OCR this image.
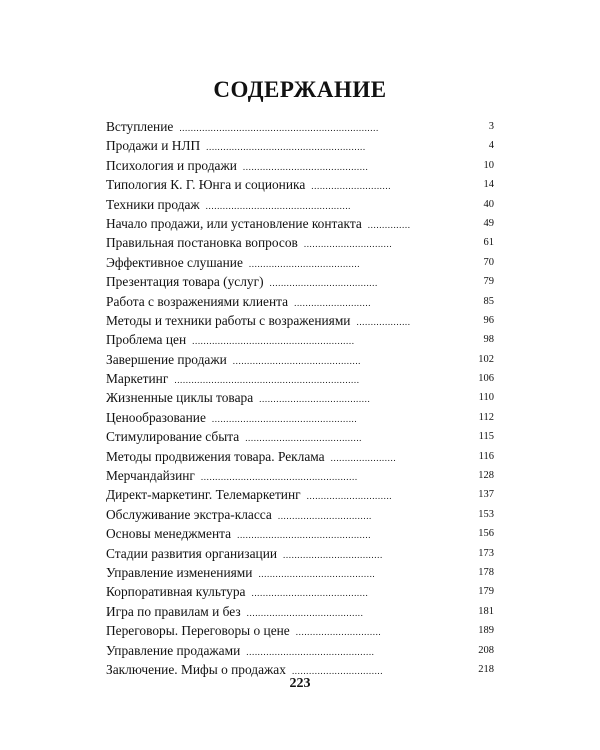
СОДЕРЖАНИЕ
Вступление ......................................................................	3
Продажи и НЛП ........................................................	4
Психология и продажи ............................................	10
Типология К. Г. Юнга и соционика ............................	14
Техники продаж ...................................................	40
Начало продажи, или установление контакта ...............	49
Правильная постановка вопросов ...............................	61
Эффективное слушание .......................................	70
Презентация товара (услуг) ......................................	79
Работа с возражениями клиента ...........................	85
Методы и техники работы с возражениями ...................	96
Проблема цен .........................................................	98
Завершение продажи .............................................	102
Маркетинг .................................................................	106
Жизненные циклы товара .......................................	110
Ценообразование ...................................................	112
Стимулирование сбыта .........................................	115
Методы продвижения товара. Реклама .......................	116
Мерчандайзинг .......................................................	128
Директ-маркетинг. Телемаркетинг ..............................	137
Обслуживание экстра-класса .................................	153
Основы менеджмента ...............................................	156
Стадии развития организации ...................................	173
Управление изменениями .........................................	178
Корпоративная культура .........................................	179
Игра по правилам и без .........................................	181
Переговоры. Переговоры о цене ..............................	189
Управление продажами .............................................	208
Заключение. Мифы о продажах ................................	218
223
